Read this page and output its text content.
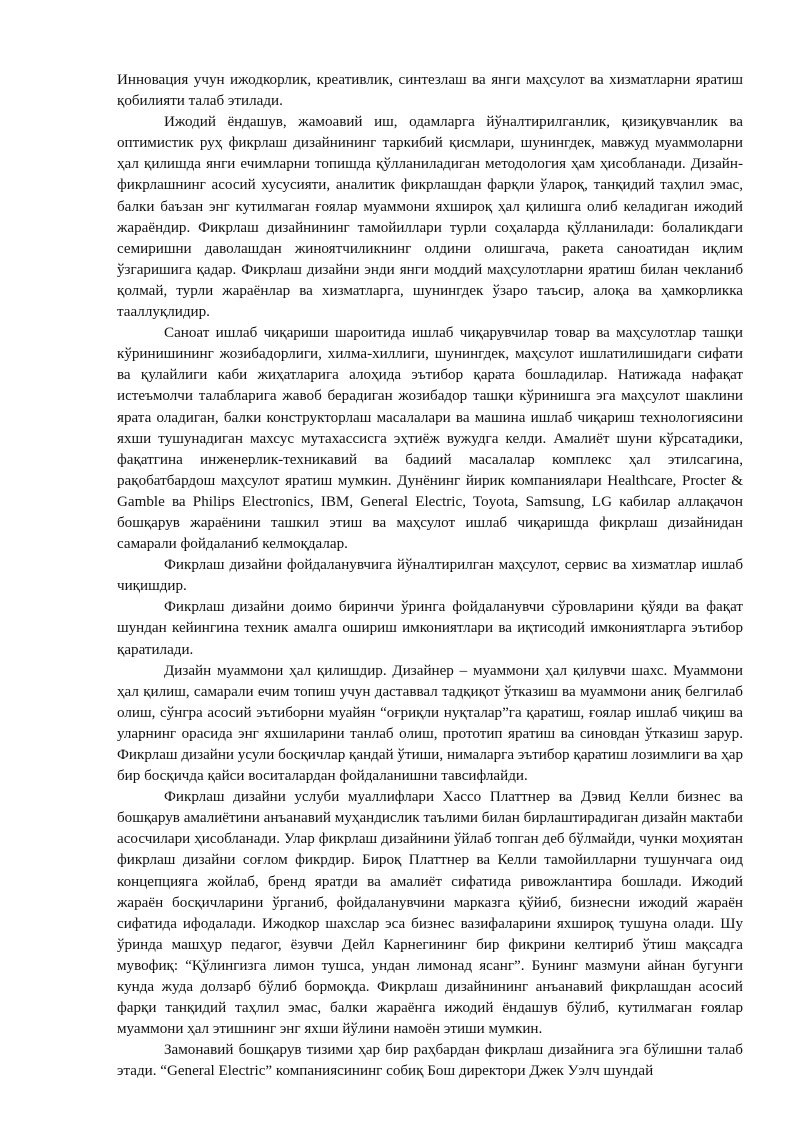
Инновация учун ижодкорлик, креативлик, синтезлаш ва янги маҳсулот ва хизматларни яратиш қобилияти талаб этилади.

Ижодий ёндашув, жамоавий иш, одамларга йўналтирилганлик, қизиқувчанлик ва оптимистик руҳ фикрлаш дизайнининг таркибий қисмлари, шунингдек, мавжуд муаммоларни ҳал қилишда янги ечимларни топишда қўлланиладиган методология ҳам ҳисобланади. Дизайн-фикрлашнинг асосий хусусияти, аналитик фикрлашдан фарқли ўлароқ, танқидий таҳлил эмас, балки баъзан энг кутилмаган ғоялар муаммони яхшироқ ҳал қилишга олиб келадиган ижодий жараёндир. Фикрлаш дизайнининг тамойиллари турли соҳаларда қўлланилади: болаликдаги семиришни даволашдан жиноятчиликнинг олдини олишгача, ракета саноатидан иқлим ўзгаришига қадар. Фикрлаш дизайни энди янги моддий маҳсулотларни яратиш билан чекланиб қолмай, турли жараёнлар ва хизматларга, шунингдек ўзаро таъсир, алоқа ва ҳамкорликка тааллуқлидир.

Саноат ишлаб чиқариши шароитида ишлаб чиқарувчилар товар ва маҳсулотлар ташқи кўринишининг жозибадорлиги, хилма-хиллиги, шунингдек, маҳсулот ишлатилишидаги сифати ва қулайлиги каби жиҳатларига алоҳида эътибор қарата бошладилар. Натижада нафақат истеъмолчи талабларига жавоб берадиган жозибадор ташқи кўринишга эга маҳсулот шаклини ярата оладиган, балки конструкторлаш масалалари ва машина ишлаб чиқариш технологиясини яхши тушунадиган махсус мутахассисга эҳтиёж вужудга келди. Амалиёт шуни кўрсатадики, фақатгина инженерлик-техникавий ва бадиий масалалар комплекс ҳал этилсагина, рақобатбардош маҳсулот яратиш мумкин. Дунёнинг йирик компаниялари Healthcare, Procter & Gamble ва Philips Electronics, IBM, General Electric, Toyota, Samsung, LG кабилар аллақачон бошқарув жараёнини ташкил этиш ва маҳсулот ишлаб чиқаришда фикрлаш дизайнидан самарали фойдаланиб келмоқдалар.

Фикрлаш дизайни фойдаланувчига йўналтирилган маҳсулот, сервис ва хизматлар ишлаб чиқишдир.

Фикрлаш дизайни доимо биринчи ўринга фойдаланувчи сўровларини қўяди ва фақат шундан кейингина техник амалга ошириш имкониятлари ва иқтисодий имкониятларга эътибор қаратилади.

Дизайн муаммони ҳал қилишдир. Дизайнер – муаммони ҳал қилувчи шахс. Муаммони ҳал қилиш, самарали ечим топиш учун даставвал тадқиқот ўтказиш ва муаммони аниқ белгилаб олиш, сўнгра асосий эътиборни муайян “оғриқли нуқталар”га қаратиш, ғоялар ишлаб чиқиш ва уларнинг орасида энг яхшиларини танлаб олиш, прототип яратиш ва синовдан ўтказиш зарур. Фикрлаш дизайни усули босқичлар қандай ўтиши, нималарга эътибор қаратиш лозимлиги ва ҳар бир босқичда қайси воситалардан фойдаланишни тавсифлайди.

Фикрлаш дизайни услуби муаллифлари Хассо Платтнер ва Дэвид Келли бизнес ва бошқарув амалиётини анъанавий муҳандислик таълими билан бирлаштирадиган дизайн мактаби асосчилари ҳисобланади. Улар фикрлаш дизайнини ўйлаб топган деб бўлмайди, чунки моҳиятан фикрлаш дизайни соғлом фикрдир. Бироқ Платтнер ва Келли тамойилларни тушунчага оид концепцияга жойлаб, бренд яратди ва амалиёт сифатида ривожлантира бошлади. Ижодий жараён босқичларини ўрганиб, фойдаланувчини марказга қўйиб, бизнесни ижодий жараён сифатида ифодалади. Ижодкор шахслар эса бизнес вазифаларини яхшироқ тушуна олади. Шу ўринда машҳур педагог, ёзувчи Дейл Карнегининг бир фикрини келтириб ўтиш мақсадга мувофиқ: “Қўлингизга лимон тушса, ундан лимонад ясанг”. Бунинг мазмуни айнан бугунги кунда жуда долзарб бўлиб бормоқда. Фикрлаш дизайнининг анъанавий фикрлашдан асосий фарқи танқидий таҳлил эмас, балки жараёнга ижодий ёндашув бўлиб, кутилмаган ғоялар муаммони ҳал этишнинг энг яхши йўлини намоён этиши мумкин.

Замонавий бошқарув тизими ҳар бир раҳбардан фикрлаш дизайнига эга бўлишни талаб этади. “General Electric” компаниясининг собиқ Бош директори Джек Уэлч шундай
